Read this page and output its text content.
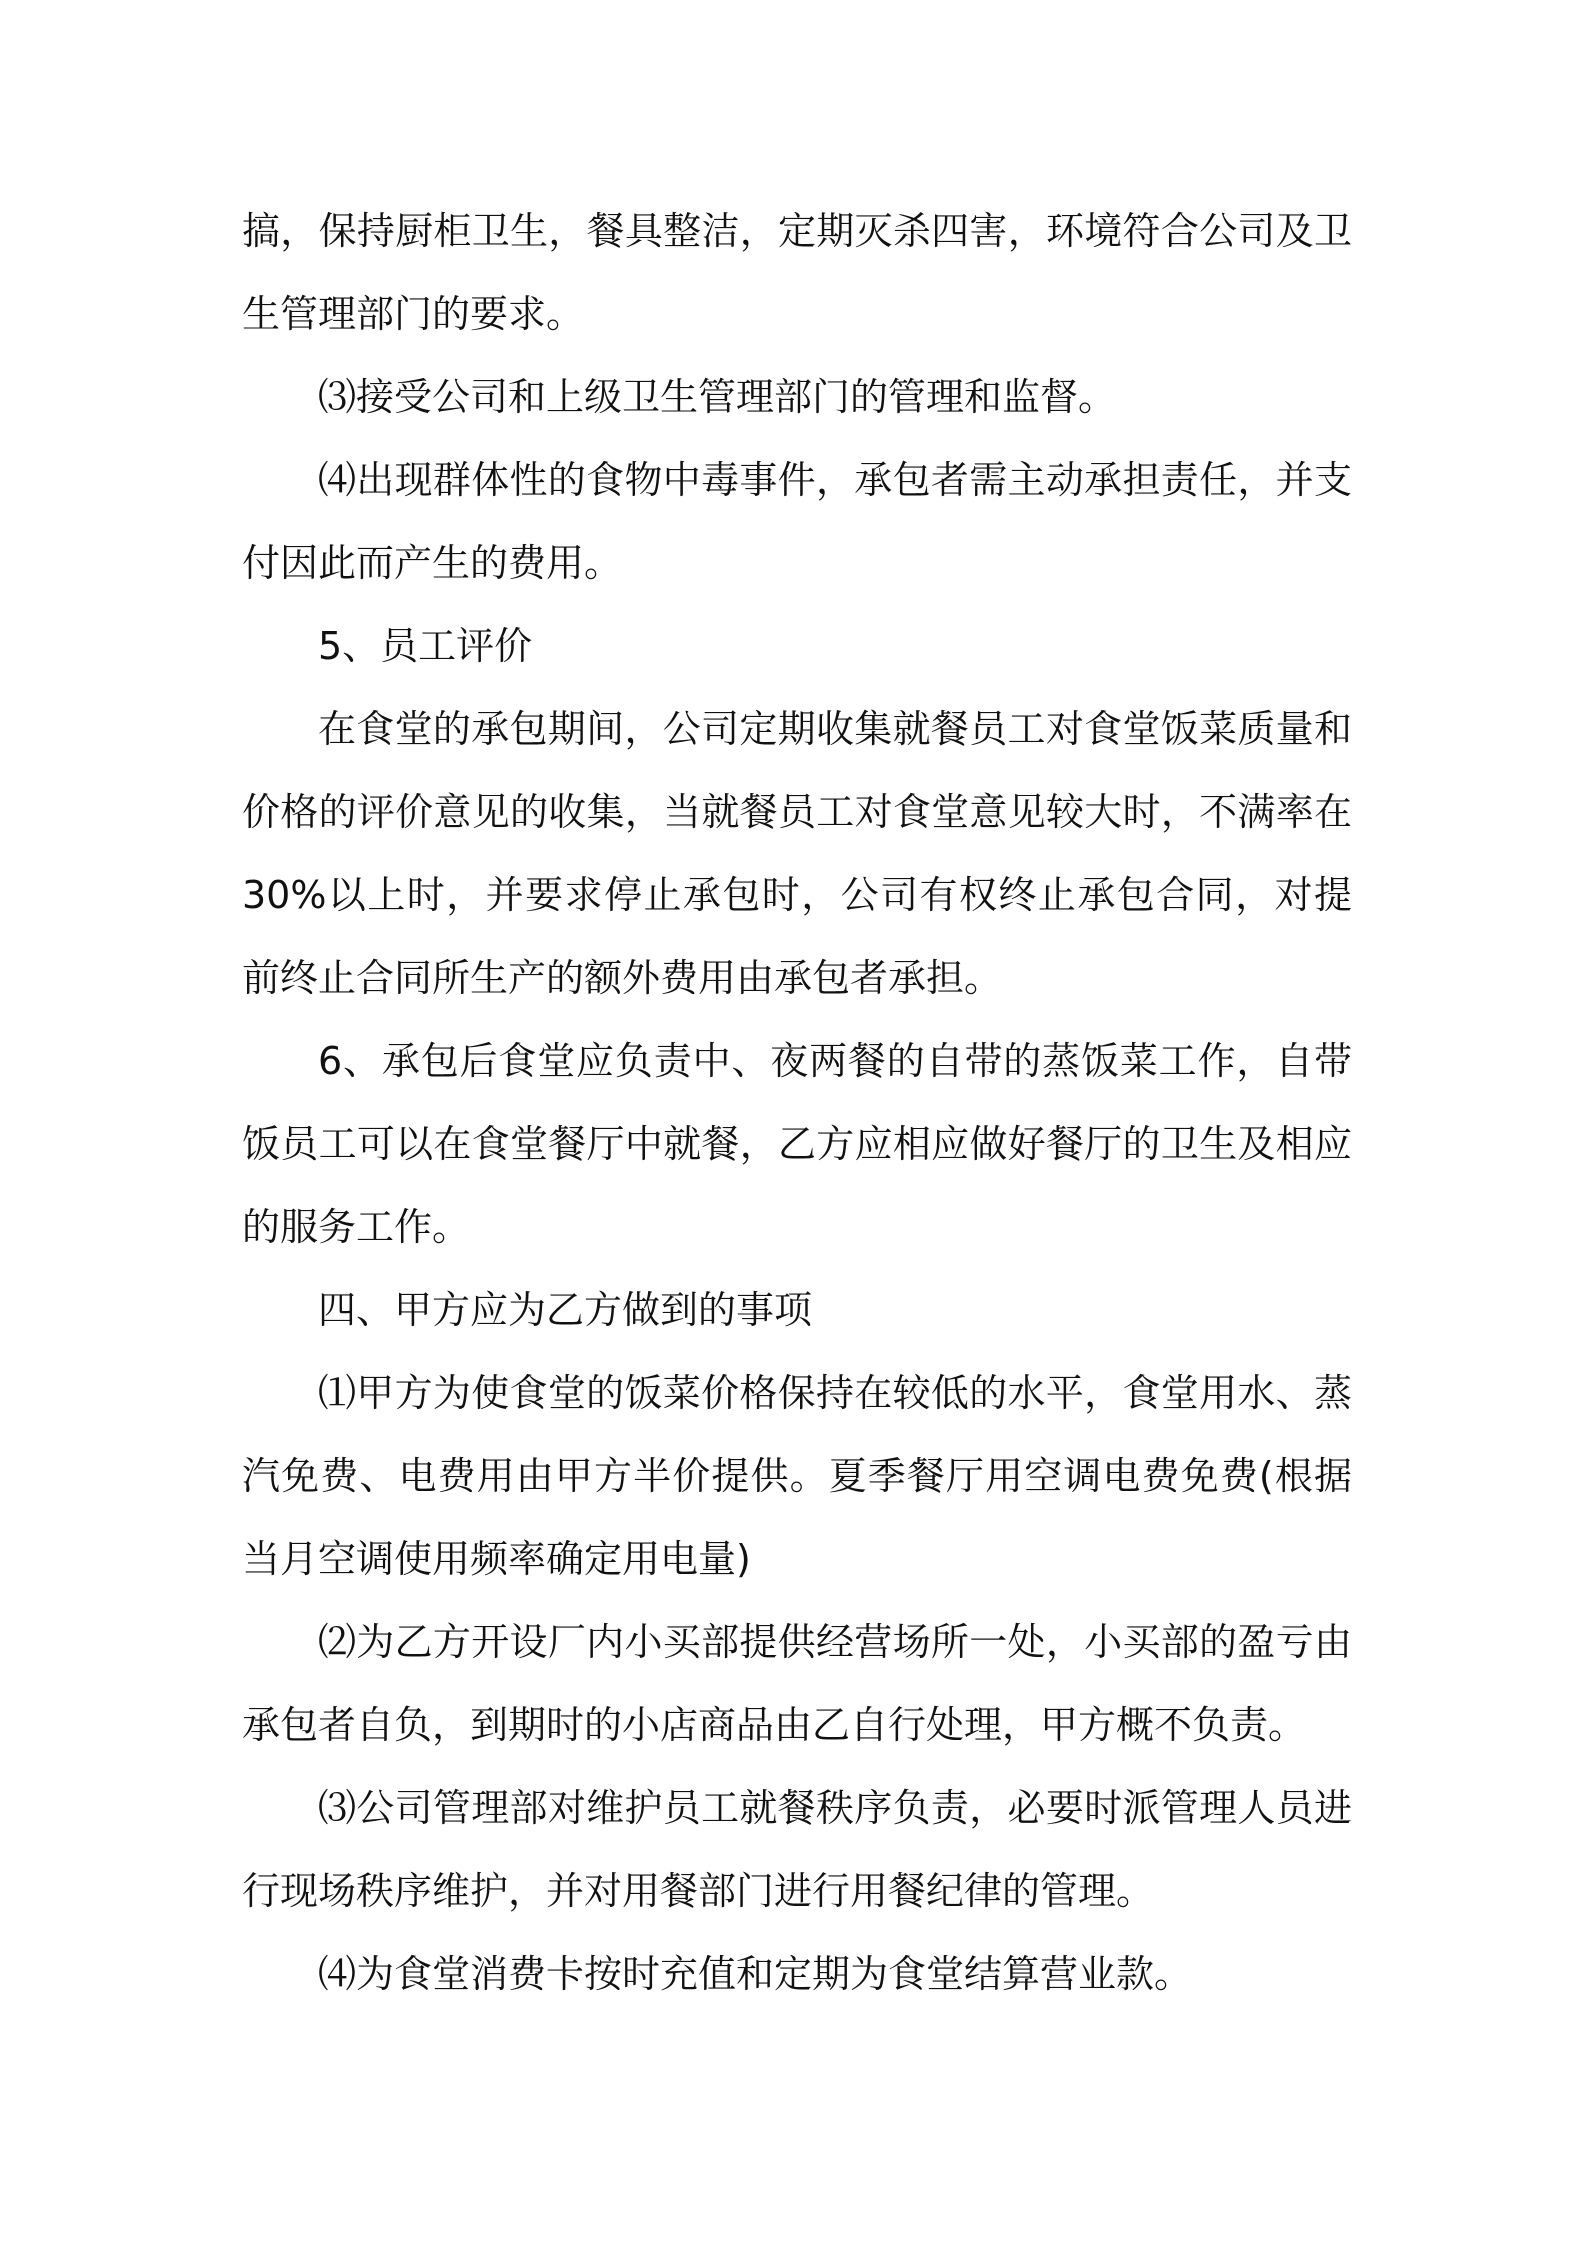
搞，保持厨柜卫生，餐具整洁，定期灭杀四害，环境符合公司及卫生管理部门的要求。

⑶接受公司和上级卫生管理部门的管理和监督。

⑷出现群体性的食物中毒事件，承包者需主动承担责任，并支付因此而产生的费用。

5、员工评价

在食堂的承包期间，公司定期收集就餐员工对食堂饭菜质量和价格的评价意见的收集，当就餐员工对食堂意见较大时，不满率在30%以上时，并要求停止承包时，公司有权终止承包合同，对提前终止合同所生产的额外费用由承包者承担。

6、承包后食堂应负责中、夜两餐的自带的蒸饭菜工作，自带饭员工可以在食堂餐厅中就餐，乙方应相应做好餐厅的卫生及相应的服务工作。

四、甲方应为乙方做到的事项

⑴甲方为使食堂的饭菜价格保持在较低的水平，食堂用水、蒸汽免费、电费用由甲方半价提供。夏季餐厅用空调电费免费(根据当月空调使用频率确定用电量)

⑵为乙方开设厂内小买部提供经营场所一处，小买部的盈亏由承包者自负，到期时的小店商品由乙自行处理，甲方概不负责。

⑶公司管理部对维护员工就餐秩序负责，必要时派管理人员进行现场秩序维护，并对用餐部门进行用餐纪律的管理。

⑷为食堂消费卡按时充值和定期为食堂结算营业款。
